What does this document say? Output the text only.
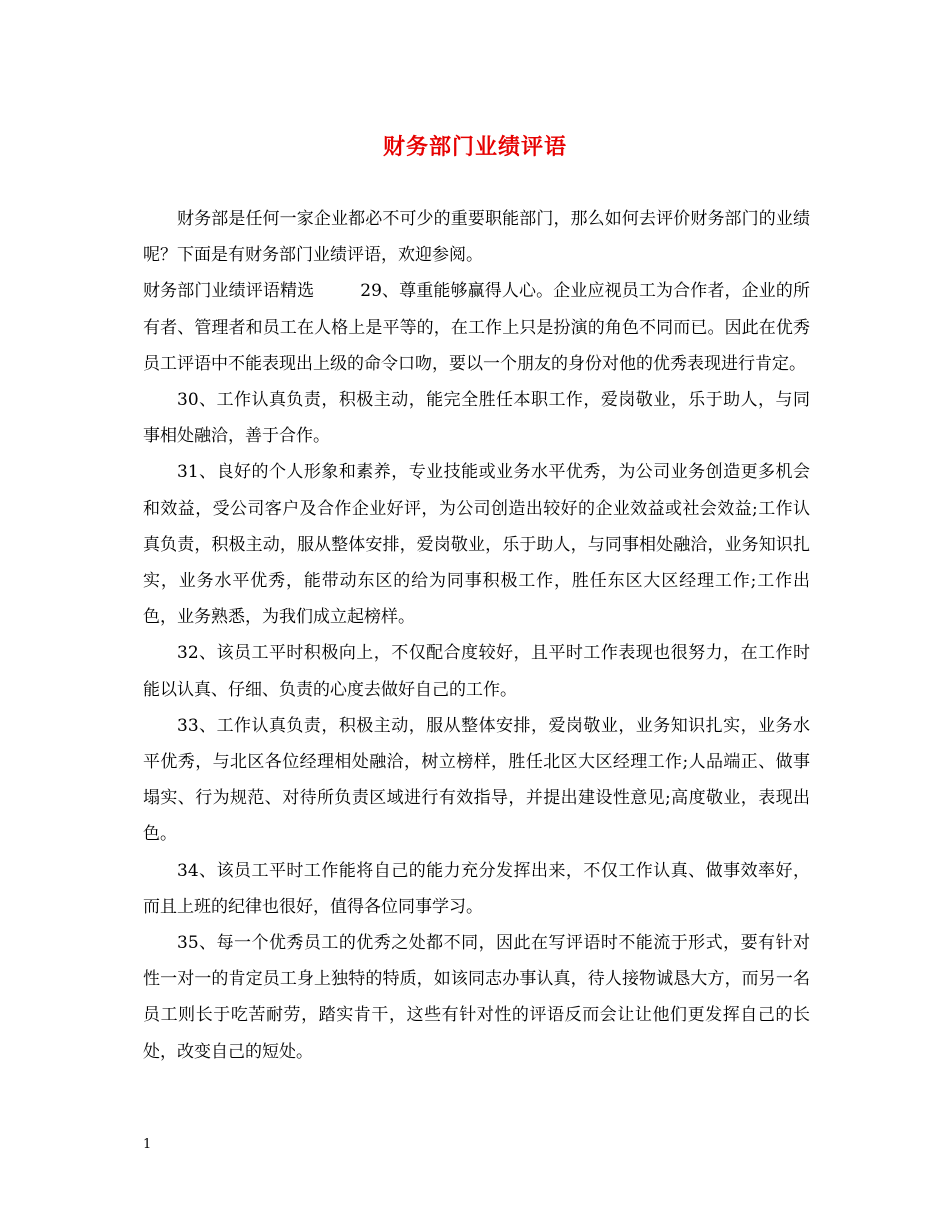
财务部门业绩评语

财务部是任何一家企业都必不可少的重要职能部门，那么如何去评价财务部门的业绩呢？下面是有财务部门业绩评语，欢迎参阅。

财务部门业绩评语精选	29、尊重能够赢得人心。企业应视员工为合作者，企业的所有者、管理者和员工在人格上是平等的，在工作上只是扮演的角色不同而已。因此在优秀员工评语中不能表现出上级的命令口吻，要以一个朋友的身份对他的优秀表现进行肯定。

30、工作认真负责，积极主动，能完全胜任本职工作，爱岗敬业，乐于助人，与同事相处融洽，善于合作。

31、良好的个人形象和素养，专业技能或业务水平优秀，为公司业务创造更多机会和效益，受公司客户及合作企业好评，为公司创造出较好的企业效益或社会效益;工作认真负责，积极主动，服从整体安排，爱岗敬业，乐于助人，与同事相处融洽，业务知识扎实，业务水平优秀，能带动东区的给为同事积极工作，胜任东区大区经理工作;工作出色，业务熟悉，为我们成立起榜样。

32、该员工平时积极向上，不仅配合度较好，且平时工作表现也很努力，在工作时能以认真、仔细、负责的心度去做好自己的工作。

33、工作认真负责，积极主动，服从整体安排，爱岗敬业，业务知识扎实，业务水平优秀，与北区各位经理相处融洽，树立榜样，胜任北区大区经理工作;人品端正、做事塌实、行为规范、对待所负责区域进行有效指导，并提出建设性意见;高度敬业，表现出色。

34、该员工平时工作能将自己的能力充分发挥出来，不仅工作认真、做事效率好，而且上班的纪律也很好，值得各位同事学习。

35、每一个优秀员工的优秀之处都不同，因此在写评语时不能流于形式，要有针对性一对一的肯定员工身上独特的特质，如该同志办事认真，待人接物诚恳大方，而另一名员工则长于吃苦耐劳，踏实肯干，这些有针对性的评语反而会让让他们更发挥自己的长处，改变自己的短处。

1
